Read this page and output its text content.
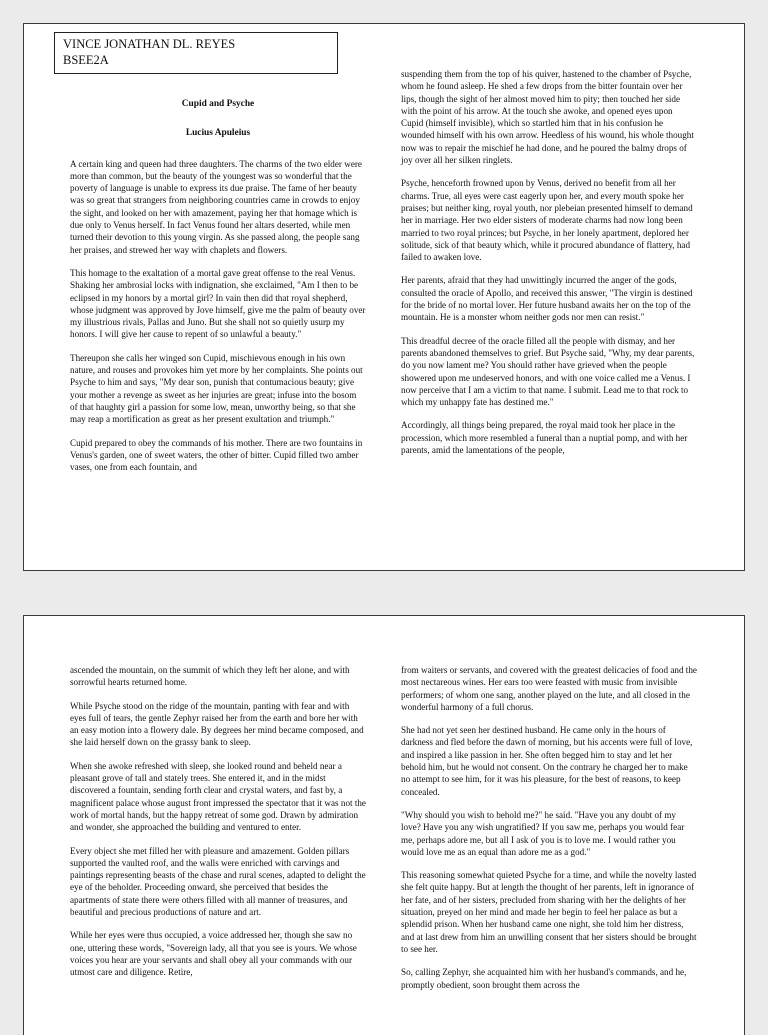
VINCE JONATHAN DL. REYES
BSEE2A
Cupid and Psyche
Lucius Apuleius

A certain king and queen had three daughters. The charms of the two elder were more than common, but the beauty of the youngest was so wonderful that the poverty of language is unable to express its due praise. The fame of her beauty was so great that strangers from neighboring countries came in crowds to enjoy the sight, and looked on her with amazement, paying her that homage which is due only to Venus herself. In fact Venus found her altars deserted, while men turned their devotion to this young virgin. As she passed along, the people sang her praises, and strewed her way with chaplets and flowers.

This homage to the exaltation of a mortal gave great offense to the real Venus. Shaking her ambrosial locks with indignation, she exclaimed, "Am I then to be eclipsed in my honors by a mortal girl? In vain then did that royal shepherd, whose judgment was approved by Jove himself, give me the palm of beauty over my illustrious rivals, Pallas and Juno. But she shall not so quietly usurp my honors. I will give her cause to repent of so unlawful a beauty."

Thereupon she calls her winged son Cupid, mischievous enough in his own nature, and rouses and provokes him yet more by her complaints. She points out Psyche to him and says, "My dear son, punish that contumacious beauty; give your mother a revenge as sweet as her injuries are great; infuse into the bosom of that haughty girl a passion for some low, mean, unworthy being, so that she may reap a mortification as great as her present exultation and triumph."

Cupid prepared to obey the commands of his mother. There are two fountains in Venus's garden, one of sweet waters, the other of bitter. Cupid filled two amber vases, one from each fountain, and

suspending them from the top of his quiver, hastened to the chamber of Psyche, whom he found asleep. He shed a few drops from the bitter fountain over her lips, though the sight of her almost moved him to pity; then touched her side with the point of his arrow. At the touch she awoke, and opened eyes upon Cupid (himself invisible), which so startled him that in his confusion he wounded himself with his own arrow. Heedless of his wound, his whole thought now was to repair the mischief he had done, and he poured the balmy drops of joy over all her silken ringlets.

Psyche, henceforth frowned upon by Venus, derived no benefit from all her charms. True, all eyes were cast eagerly upon her, and every mouth spoke her praises; but neither king, royal youth, nor plebeian presented himself to demand her in marriage. Her two elder sisters of moderate charms had now long been married to two royal princes; but Psyche, in her lonely apartment, deplored her solitude, sick of that beauty which, while it procured abundance of flattery, had failed to awaken love.

Her parents, afraid that they had unwittingly incurred the anger of the gods, consulted the oracle of Apollo, and received this answer, "The virgin is destined for the bride of no mortal lover. Her future husband awaits her on the top of the mountain. He is a monster whom neither gods nor men can resist."

This dreadful decree of the oracle filled all the people with dismay, and her parents abandoned themselves to grief. But Psyche said, "Why, my dear parents, do you now lament me? You should rather have grieved when the people showered upon me undeserved honors, and with one voice called me a Venus. I now perceive that I am a victim to that name. I submit. Lead me to that rock to which my unhappy fate has destined me."

Accordingly, all things being prepared, the royal maid took her place in the procession, which more resembled a funeral than a nuptial pomp, and with her parents, amid the lamentations of the people,

ascended the mountain, on the summit of which they left her alone, and with sorrowful hearts returned home.

While Psyche stood on the ridge of the mountain, panting with fear and with eyes full of tears, the gentle Zephyr raised her from the earth and bore her with an easy motion into a flowery dale. By degrees her mind became composed, and she laid herself down on the grassy bank to sleep.

When she awoke refreshed with sleep, she looked round and beheld near a pleasant grove of tall and stately trees. She entered it, and in the midst discovered a fountain, sending forth clear and crystal waters, and fast by, a magnificent palace whose august front impressed the spectator that it was not the work of mortal hands, but the happy retreat of some god. Drawn by admiration and wonder, she approached the building and ventured to enter.

Every object she met filled her with pleasure and amazement. Golden pillars supported the vaulted roof, and the walls were enriched with carvings and paintings representing beasts of the chase and rural scenes, adapted to delight the eye of the beholder. Proceeding onward, she perceived that besides the apartments of state there were others filled with all manner of treasures, and beautiful and precious productions of nature and art.

While her eyes were thus occupied, a voice addressed her, though she saw no one, uttering these words, "Sovereign lady, all that you see is yours. We whose voices you hear are your servants and shall obey all your commands with our utmost care and diligence. Retire,

from waiters or servants, and covered with the greatest delicacies of food and the most nectareous wines. Her ears too were feasted with music from invisible performers; of whom one sang, another played on the lute, and all closed in the wonderful harmony of a full chorus.

She had not yet seen her destined husband. He came only in the hours of darkness and fled before the dawn of morning, but his accents were full of love, and inspired a like passion in her. She often begged him to stay and let her behold him, but he would not consent. On the contrary he charged her to make no attempt to see him, for it was his pleasure, for the best of reasons, to keep concealed.

"Why should you wish to behold me?" he said. "Have you any doubt of my love? Have you any wish ungratified? If you saw me, perhaps you would fear me, perhaps adore me, but all I ask of you is to love me. I would rather you would love me as an equal than adore me as a god."

This reasoning somewhat quieted Psyche for a time, and while the novelty lasted she felt quite happy. But at length the thought of her parents, left in ignorance of her fate, and of her sisters, precluded from sharing with her the delights of her situation, preyed on her mind and made her begin to feel her palace as but a splendid prison. When her husband came one night, she told him her distress, and at last drew from him an unwilling consent that her sisters should be brought to see her.

So, calling Zephyr, she acquainted him with her husband's commands, and he, promptly obedient, soon brought them across the
